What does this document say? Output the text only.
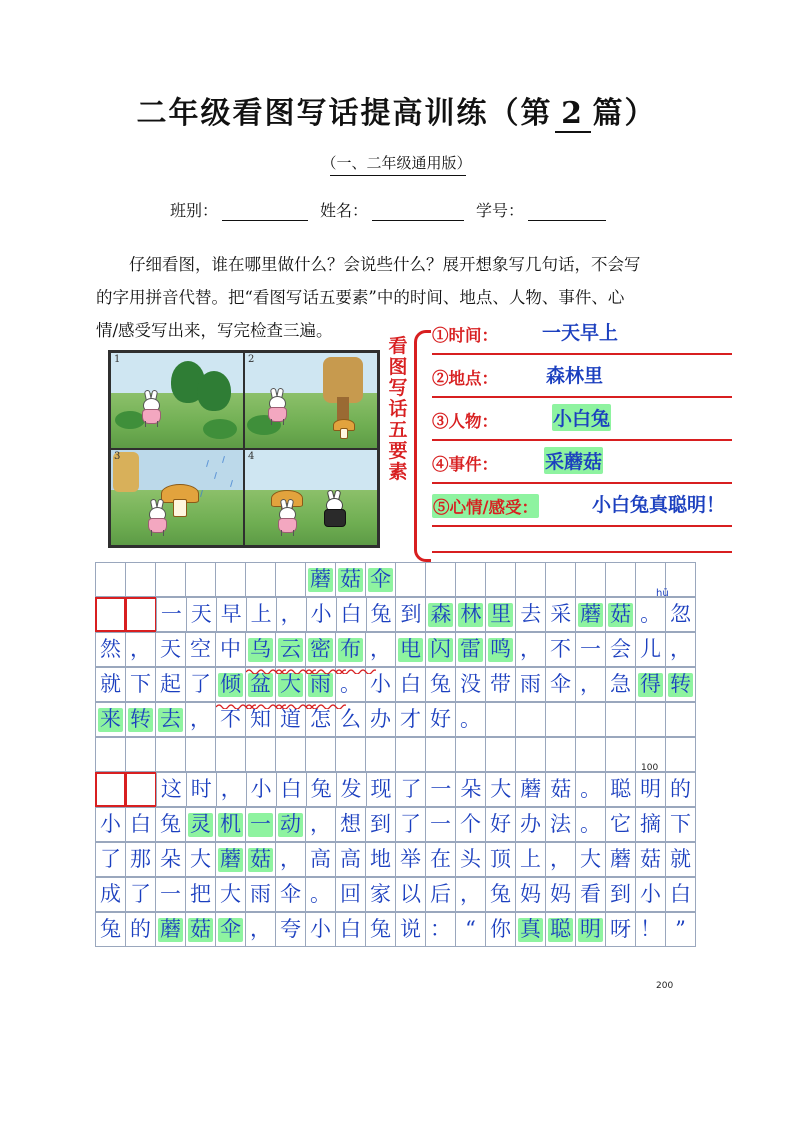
二年级看图写话提高训练（第 2 篇）
（一、二年级通用版）
班别：	姓名：	学号：

仔细看图，谁在哪里做什么？会说些什么？展开想象写几句话，不会写

的字用拼音代替。把“看图写话五要素”中的时间、地点、人物、事件、心

情/感受写出来，写完检查三遍。

1	2
3	4
看
图
写
话
五
要
素
①时间： 一天早上
②地点：	森林里
③人物：	小白兔
④事件： 采蘑菇
⑤心情/感受：	小白兔真聪明！
蘑 菇 伞
一 天 早 上 ， 小 白 兔 到 森 林 里 去 采 蘑 菇 。 忽
然 ， 天 空 中 乌 云 密 布 ， 电 闪 雷 鸣 ， 不 一 会 儿 ，
就 下 起 了 倾 盆 大 雨 。 小 白 兔 没 带 雨 伞 ， 急 得 转
来 转 去 ， 不 知 道 怎 么 办 才 好 。
这 时 ， 小 白 兔 发 现 了 一 朵 大 蘑 菇 。 聪 明 的
小 白 兔 灵 机 一 动 ， 想 到 了 一 个 好 办 法 。 它 摘 下
了 那 朵 大 蘑 菇 ， 高 高 地 举 在 头 顶 上 ， 大 蘑 菇 就
成 了 一 把 大 雨 伞 。 回 家 以 后 ， 兔 妈 妈 看 到 小 白
兔 的 蘑 菇 伞 ， 夸 小 白 兔 说 ： “ 你 真 聪 明 呀 ！ ”
hū
100
200
